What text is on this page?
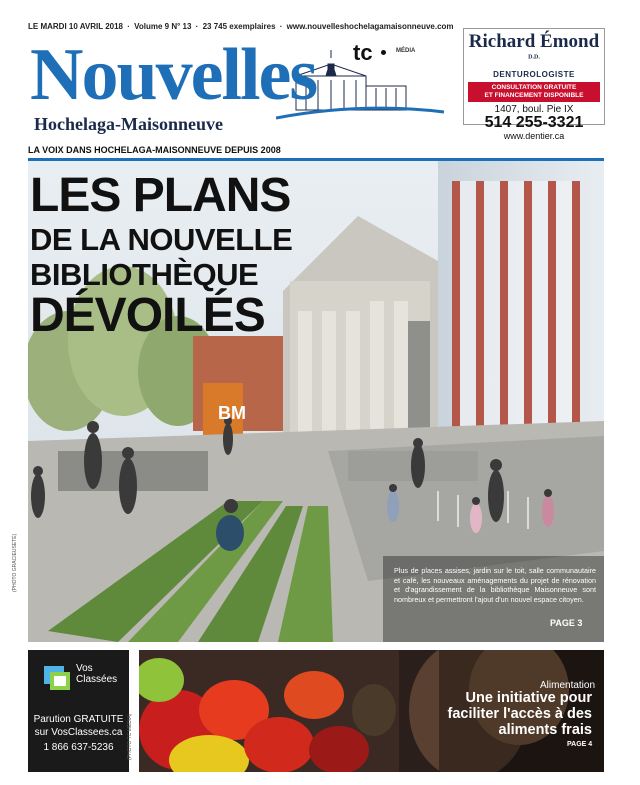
LE MARDI 10 AVRIL 2018 · Volume 9 N° 13 · 23 745 exemplaires · www.nouvelleshochelagamaisonneuve.com
Nouvelles
Hochelaga-Maisonneuve
tc	MÉDIA
LA VOIX DANS HOCHELAGA-MAISONNEUVE DEPUIS 2008
Richard Émond $^{D.D.}$
DENTUROLOGISTE
CONSULTATION GRATUITE
ET FINANCEMENT DISPONIBLE
1407, boul. Pie IX
514 255-3321
www.dentier.ca
BM
LES PLANS
DE LA NOUVELLE
BIBLIOTHÈQUE
DÉVOILÉS
Plus de places assises, jardin sur le toit, salle communautaire et café, les nouveaux aménagements du projet de rénovation et d'agrandissement de la bibliothèque Maisonneuve sont nombreux et permettront l'ajout d'un nouvel espace citoyen.
PAGE 3
(PHOTO GRACIEUSETÉ)
Vos
Classées
Parution GRATUITE
sur VosClassees.ca
1 866 637-5236	(PHOTO TC MÉDIA)
Alimentation
Une initiative pour faciliter l'accès à des aliments frais
PAGE 4
